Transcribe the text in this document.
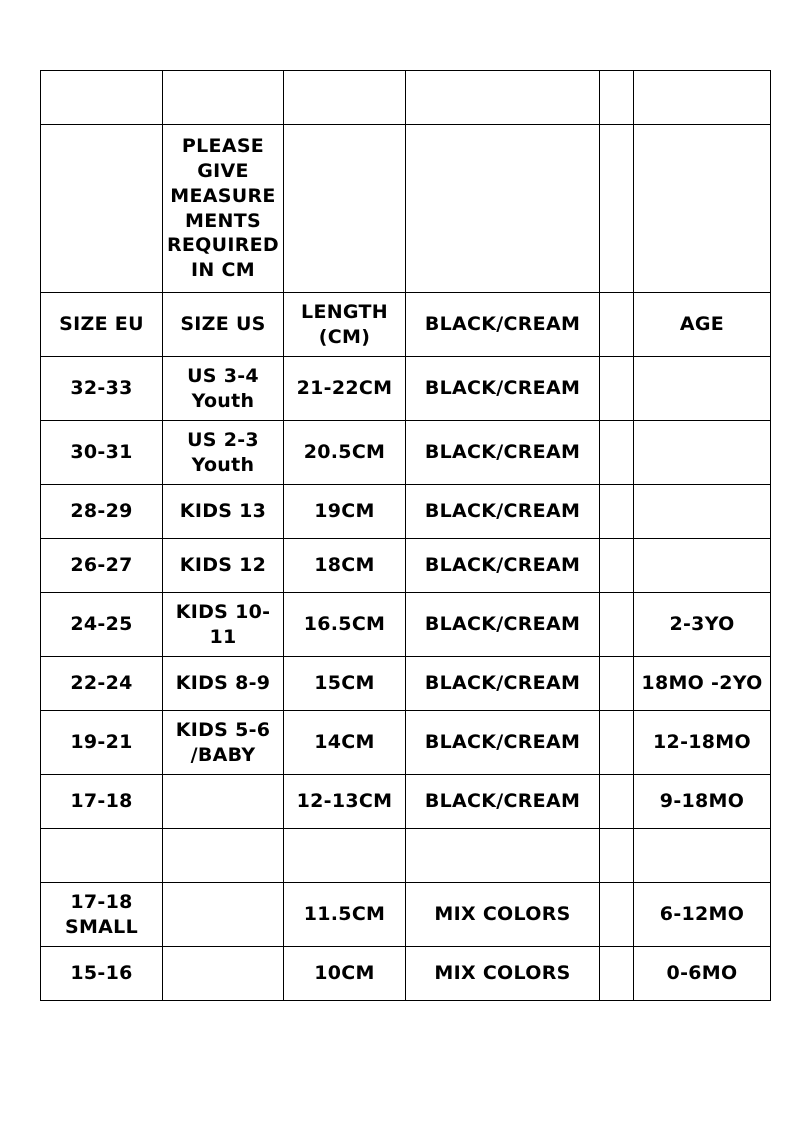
	PLEASE GIVE MEASURE MENTS REQUIRED IN CM				
SIZE EU	SIZE US	LENGTH (CM)	BLACK/CREAM		AGE
32-33	US 3-4 Youth	21-22CM	BLACK/CREAM		
30-31	US 2-3 Youth	20.5CM	BLACK/CREAM		
28-29	KIDS 13	19CM	BLACK/CREAM		
26-27	KIDS 12	18CM	BLACK/CREAM		
24-25	KIDS 10-11	16.5CM	BLACK/CREAM		2-3YO
22-24	KIDS 8-9	15CM	BLACK/CREAM		18MO -2YO
19-21	KIDS 5-6 /BABY	14CM	BLACK/CREAM		12-18MO
17-18		12-13CM	BLACK/CREAM		9-18MO

17-18 SMALL		11.5CM	MIX COLORS		6-12MO
15-16		10CM	MIX COLORS		0-6MO
